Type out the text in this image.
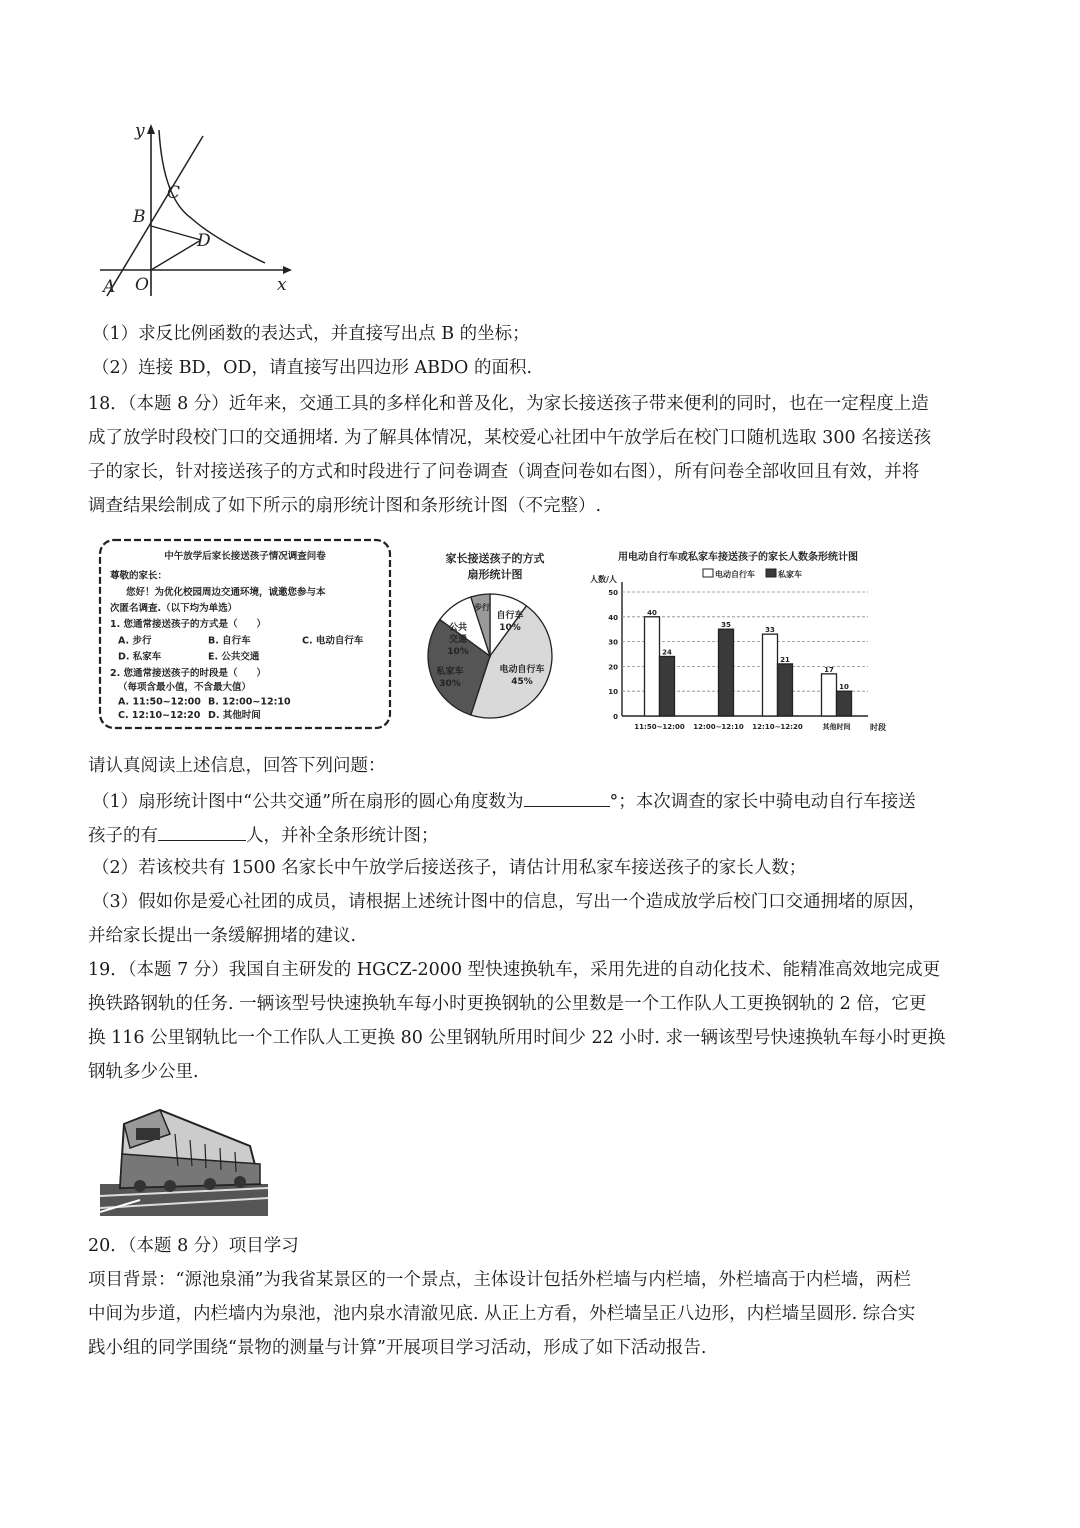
y
x
O
A
B
C
D
（1）求反比例函数的表达式，并直接写出点 B 的坐标；
（2）连接 BD，OD，请直接写出四边形 ABDO 的面积.
18．（本题 8 分）近年来，交通工具的多样化和普及化，为家长接送孩子带来便利的同时，也在一定程度上造
成了放学时段校门口的交通拥堵. 为了解具体情况，某校爱心社团中午放学后在校门口随机选取 300 名接送孩
子的家长，针对接送孩子的方式和时段进行了问卷调查（调查问卷如右图），所有问卷全部收回且有效，并将
调查结果绘制成了如下所示的扇形统计图和条形统计图（不完整）.
中午放学后家长接送孩子情况调查问卷
尊敬的家长：
您好！为优化校园周边交通环境，诚邀您参与本
次匿名调查.（以下均为单选）
1. 您通常接送孩子的方式是（　　）
A. 步行	B. 自行车	C. 电动自行车
D. 私家车	E. 公共交通
2. 您通常接送孩子的时段是（　　）
（每项含最小值，不含最大值）
A. 11:50~12:00 B. 12:00~12:10
C. 12:10~12:20 D. 其他时间
家长接送孩子的方式
扇形统计图
步行
自行车
10%
公共
交通
10%
私家车
30%
电动自行车
45%
用电动自行车或私家车接送孩子的家长人数条形统计图
电动自行车	私家车
人数/人
时段
10
20
30
40
50
0
11:50~12:00 12:00~12:10 12:10~12:20	其他时间
40
24
35
33
21
17
10
请认真阅读上述信息，回答下列问题：
（1）扇形统计图中“公共交通”所在扇形的圆心角度数为	°；本次调查的家长中骑电动自行车接送
孩子的有	人，并补全条形统计图；
（2）若该校共有 1500 名家长中午放学后接送孩子，请估计用私家车接送孩子的家长人数；
（3）假如你是爱心社团的成员，请根据上述统计图中的信息，写出一个造成放学后校门口交通拥堵的原因，
并给家长提出一条缓解拥堵的建议.
19．（本题 7 分）我国自主研发的 HGCZ-2000 型快速换轨车，采用先进的自动化技术、能精准高效地完成更
换铁路钢轨的任务. 一辆该型号快速换轨车每小时更换钢轨的公里数是一个工作队人工更换钢轨的 2 倍，它更
换 116 公里钢轨比一个工作队人工更换 80 公里钢轨所用时间少 22 小时. 求一辆该型号快速换轨车每小时更换
钢轨多少公里.
20．（本题 8 分）项目学习
项目背景：“源池泉涌”为我省某景区的一个景点，主体设计包括外栏墙与内栏墙，外栏墙高于内栏墙，两栏
中间为步道，内栏墙内为泉池，池内泉水清澈见底. 从正上方看，外栏墙呈正八边形，内栏墙呈圆形. 综合实
践小组的同学围绕“景物的测量与计算”开展项目学习活动，形成了如下活动报告.
